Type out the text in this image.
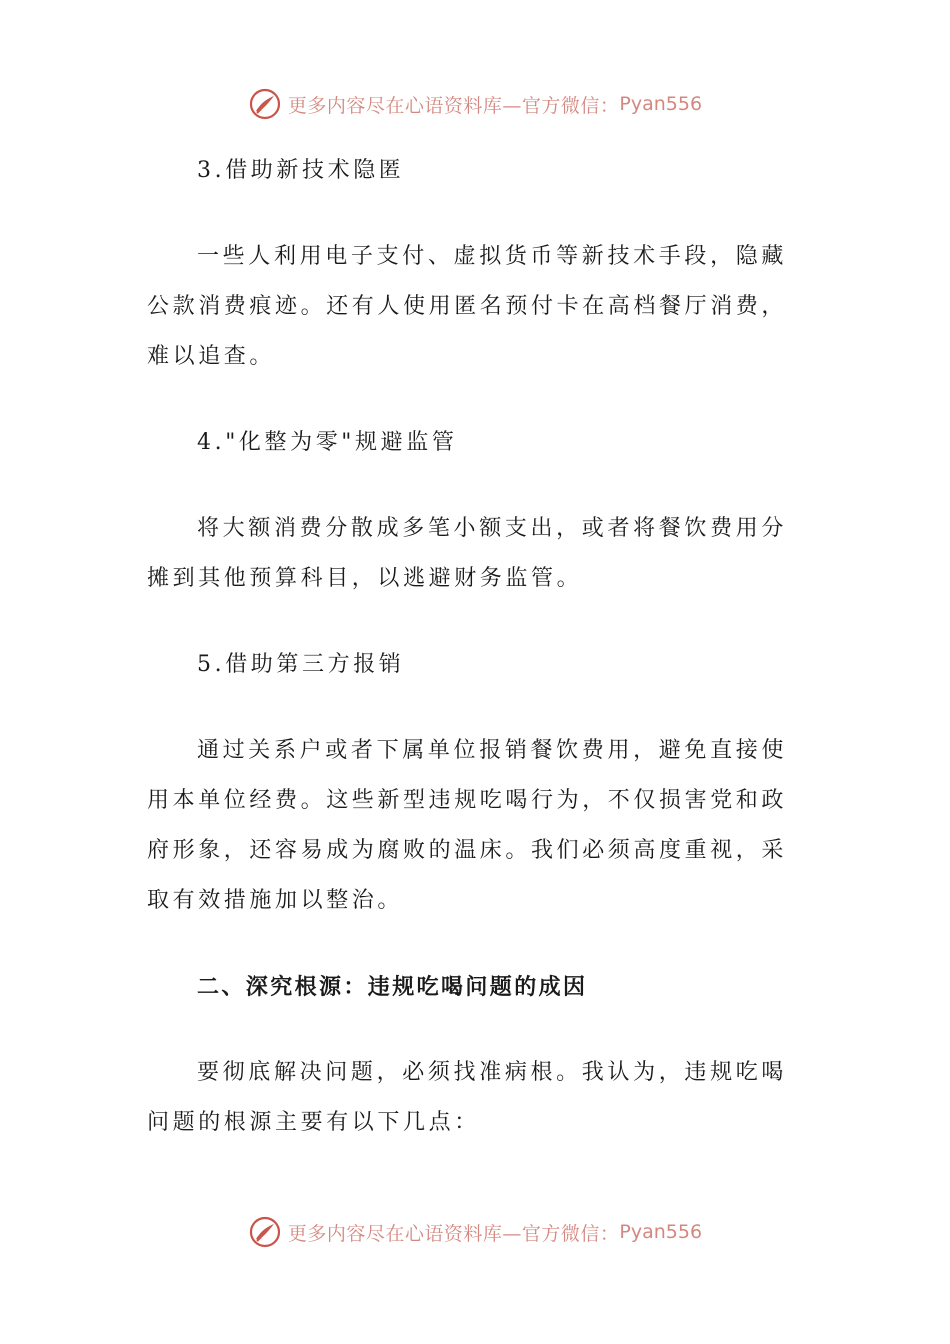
更多内容尽在心语资料库—官方微信： Pyan556

3.借助新技术隐匿

一些人利用电子支付、虚拟货币等新技术手段，隐藏公款消费痕迹。还有人使用匿名预付卡在高档餐厅消费，难以追查。

4."化整为零"规避监管

将大额消费分散成多笔小额支出，或者将餐饮费用分摊到其他预算科目，以逃避财务监管。

5.借助第三方报销

通过关系户或者下属单位报销餐饮费用，避免直接使用本单位经费。这些新型违规吃喝行为，不仅损害党和政府形象，还容易成为腐败的温床。我们必须高度重视，采取有效措施加以整治。

二、深究根源：违规吃喝问题的成因

要彻底解决问题，必须找准病根。我认为，违规吃喝问题的根源主要有以下几点：

更多内容尽在心语资料库—官方微信： Pyan556
